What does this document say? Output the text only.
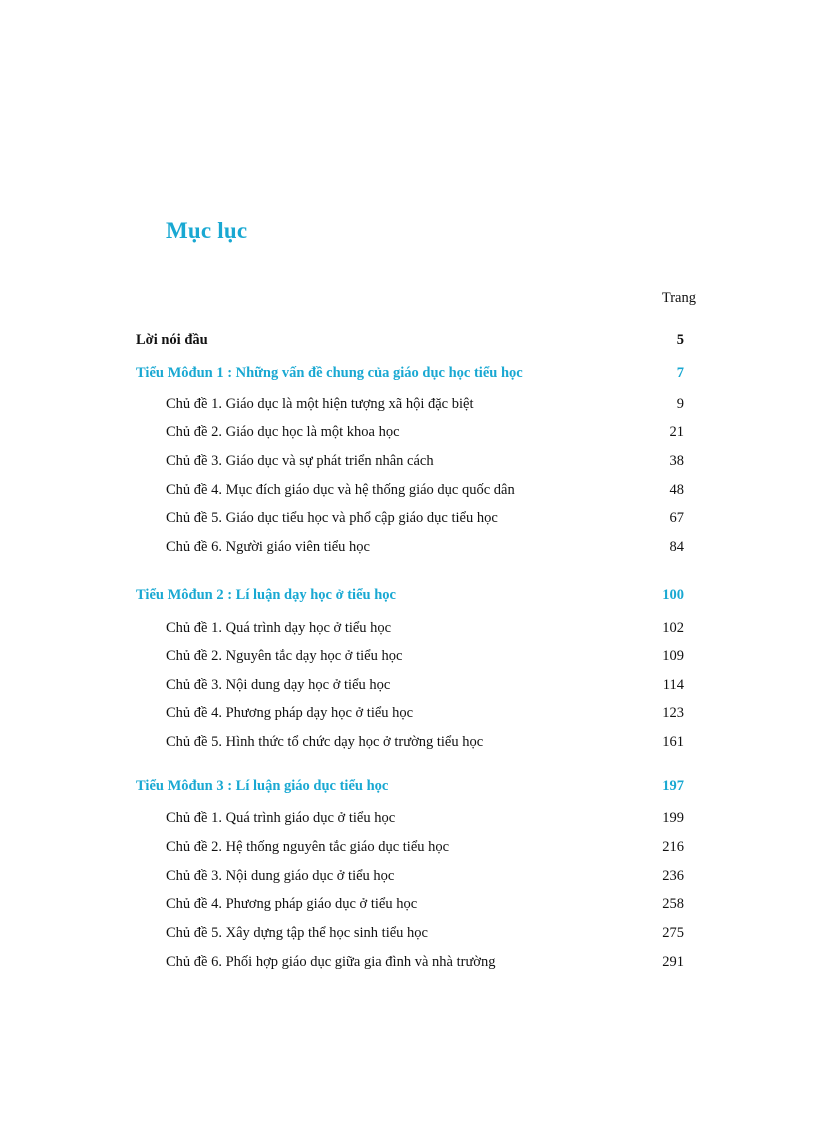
Mục lục
Trang
Lời nói đầu	5
Tiểu Môđun 1 : Những vấn đề chung của giáo dục học tiểu học	7
Chủ đề 1. Giáo dục là một hiện tượng xã hội đặc biệt	9
Chủ đề 2. Giáo dục học là một khoa học	21
Chủ đề 3. Giáo dục và sự phát triển nhân cách	38
Chủ đề 4. Mục đích giáo dục và hệ thống giáo dục quốc dân	48
Chủ đề 5. Giáo dục tiểu học và phổ cập giáo dục tiểu học	67
Chủ đề 6. Người giáo viên tiểu học	84
Tiểu Môđun 2 : Lí luận dạy học ở tiểu học	100
Chủ đề 1. Quá trình dạy học ở tiểu học	102
Chủ đề 2. Nguyên tắc dạy học ở tiểu học	109
Chủ đề 3. Nội dung dạy học ở tiểu học	114
Chủ đề 4. Phương pháp dạy học ở tiểu học	123
Chủ đề 5. Hình thức tổ chức dạy học ở trường tiểu học	161
Tiểu Môđun 3 : Lí luận giáo dục tiểu học	197
Chủ đề 1. Quá trình giáo dục ở tiểu học	199
Chủ đề 2. Hệ thống nguyên tắc giáo dục tiểu học	216
Chủ đề 3. Nội dung giáo dục ở tiểu học	236
Chủ đề 4. Phương pháp giáo dục ở tiểu học	258
Chủ đề 5. Xây dựng tập thể học sinh tiểu học	275
Chủ đề 6. Phối hợp giáo dục giữa gia đình và nhà trường	291
